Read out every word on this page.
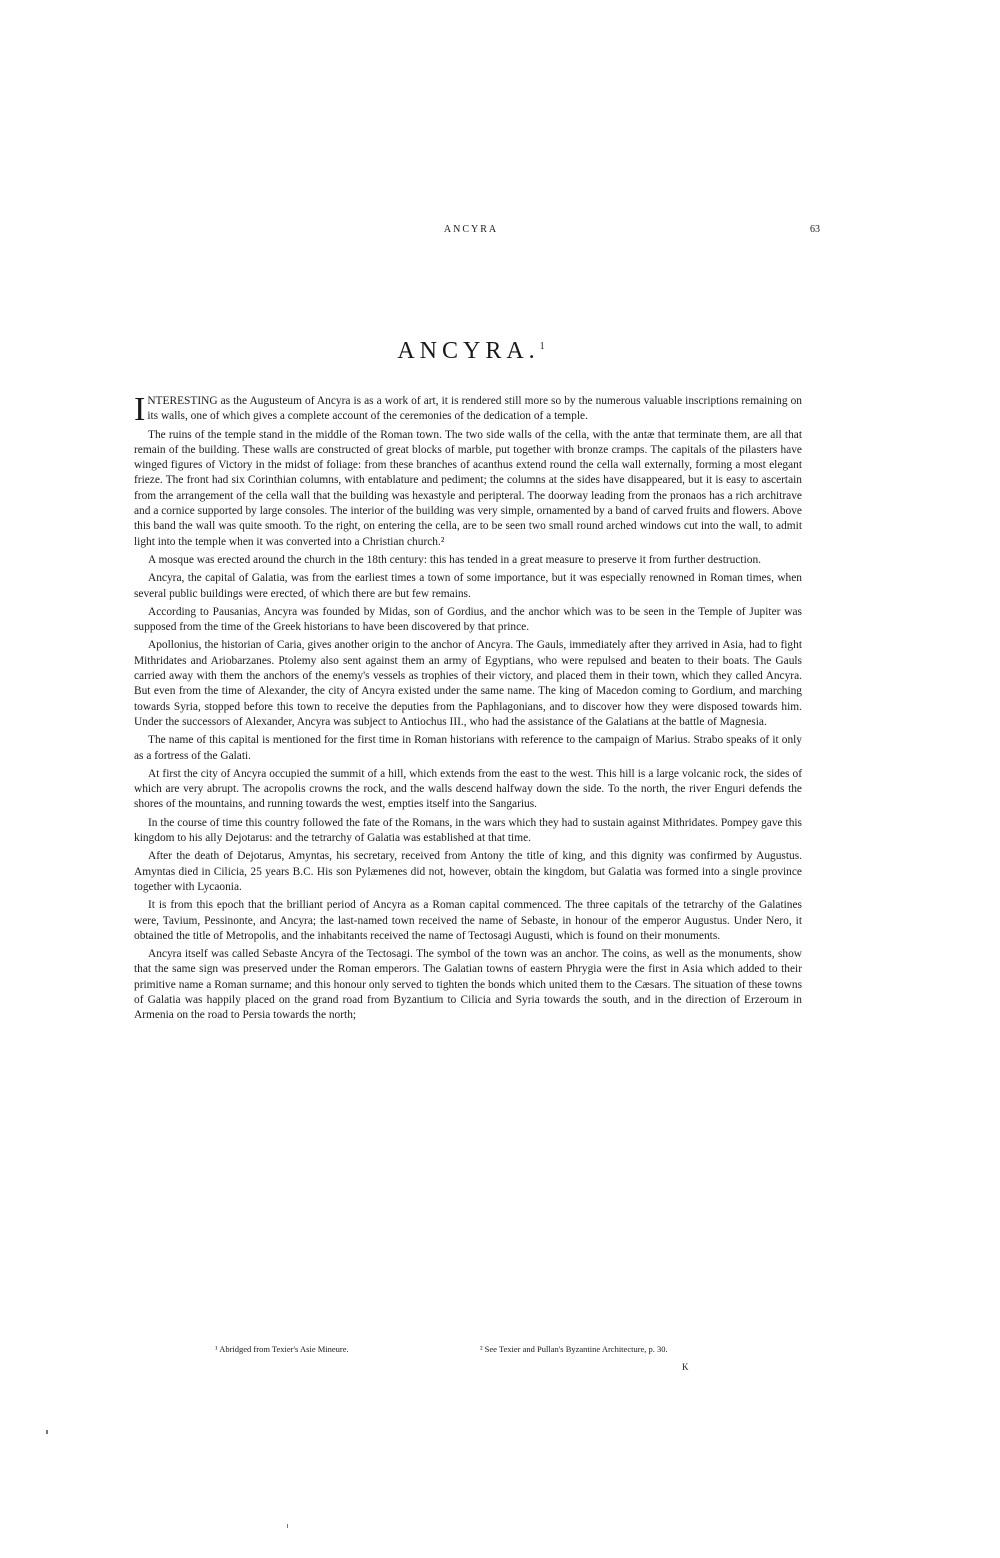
ANCYRA	63
ANCYRA.$^1$

INTERESTING as the Augusteum of Ancyra is as a work of art, it is rendered still more so by the numerous valuable inscriptions remaining on its walls, one of which gives a complete account of the ceremonies of the dedication of a temple.

The ruins of the temple stand in the middle of the Roman town. The two side walls of the cella, with the antæ that terminate them, are all that remain of the building. These walls are constructed of great blocks of marble, put together with bronze cramps. The capitals of the pilasters have winged figures of Victory in the midst of foliage: from these branches of acanthus extend round the cella wall externally, forming a most elegant frieze. The front had six Corinthian columns, with entablature and pediment; the columns at the sides have disappeared, but it is easy to ascertain from the arrangement of the cella wall that the building was hexastyle and peripteral. The doorway leading from the pronaos has a rich architrave and a cornice supported by large consoles. The interior of the building was very simple, ornamented by a band of carved fruits and flowers. Above this band the wall was quite smooth. To the right, on entering the cella, are to be seen two small round arched windows cut into the wall, to admit light into the temple when it was converted into a Christian church.²

A mosque was erected around the church in the 18th century: this has tended in a great measure to preserve it from further destruction.

Ancyra, the capital of Galatia, was from the earliest times a town of some importance, but it was especially renowned in Roman times, when several public buildings were erected, of which there are but few remains.

According to Pausanias, Ancyra was founded by Midas, son of Gordius, and the anchor which was to be seen in the Temple of Jupiter was supposed from the time of the Greek historians to have been discovered by that prince.

Apollonius, the historian of Caria, gives another origin to the anchor of Ancyra. The Gauls, immediately after they arrived in Asia, had to fight Mithridates and Ariobarzanes. Ptolemy also sent against them an army of Egyptians, who were repulsed and beaten to their boats. The Gauls carried away with them the anchors of the enemy's vessels as trophies of their victory, and placed them in their town, which they called Ancyra. But even from the time of Alexander, the city of Ancyra existed under the same name. The king of Macedon coming to Gordium, and marching towards Syria, stopped before this town to receive the deputies from the Paphlagonians, and to discover how they were disposed towards him. Under the successors of Alexander, Ancyra was subject to Antiochus III., who had the assistance of the Galatians at the battle of Magnesia.

The name of this capital is mentioned for the first time in Roman historians with reference to the campaign of Marius. Strabo speaks of it only as a fortress of the Galati.

At first the city of Ancyra occupied the summit of a hill, which extends from the east to the west. This hill is a large volcanic rock, the sides of which are very abrupt. The acropolis crowns the rock, and the walls descend halfway down the side. To the north, the river Enguri defends the shores of the mountains, and running towards the west, empties itself into the Sangarius.

In the course of time this country followed the fate of the Romans, in the wars which they had to sustain against Mithridates. Pompey gave this kingdom to his ally Dejotarus: and the tetrarchy of Galatia was established at that time.

After the death of Dejotarus, Amyntas, his secretary, received from Antony the title of king, and this dignity was confirmed by Augustus. Amyntas died in Cilicia, 25 years B.C. His son Pylæmenes did not, however, obtain the kingdom, but Galatia was formed into a single province together with Lycaonia.

It is from this epoch that the brilliant period of Ancyra as a Roman capital commenced. The three capitals of the tetrarchy of the Galatines were, Tavium, Pessinonte, and Ancyra; the last-named town received the name of Sebaste, in honour of the emperor Augustus. Under Nero, it obtained the title of Metropolis, and the inhabitants received the name of Tectosagi Augusti, which is found on their monuments.

Ancyra itself was called Sebaste Ancyra of the Tectosagi. The symbol of the town was an anchor. The coins, as well as the monuments, show that the same sign was preserved under the Roman emperors. The Galatian towns of eastern Phrygia were the first in Asia which added to their primitive name a Roman surname; and this honour only served to tighten the bonds which united them to the Cæsars. The situation of these towns of Galatia was happily placed on the grand road from Byzantium to Cilicia and Syria towards the south, and in the direction of Erzeroum in Armenia on the road to Persia towards the north;

¹ Abridged from Texier's Asie Mineure.	² See Texier and Pullan's Byzantine Architecture, p. 30.
K
